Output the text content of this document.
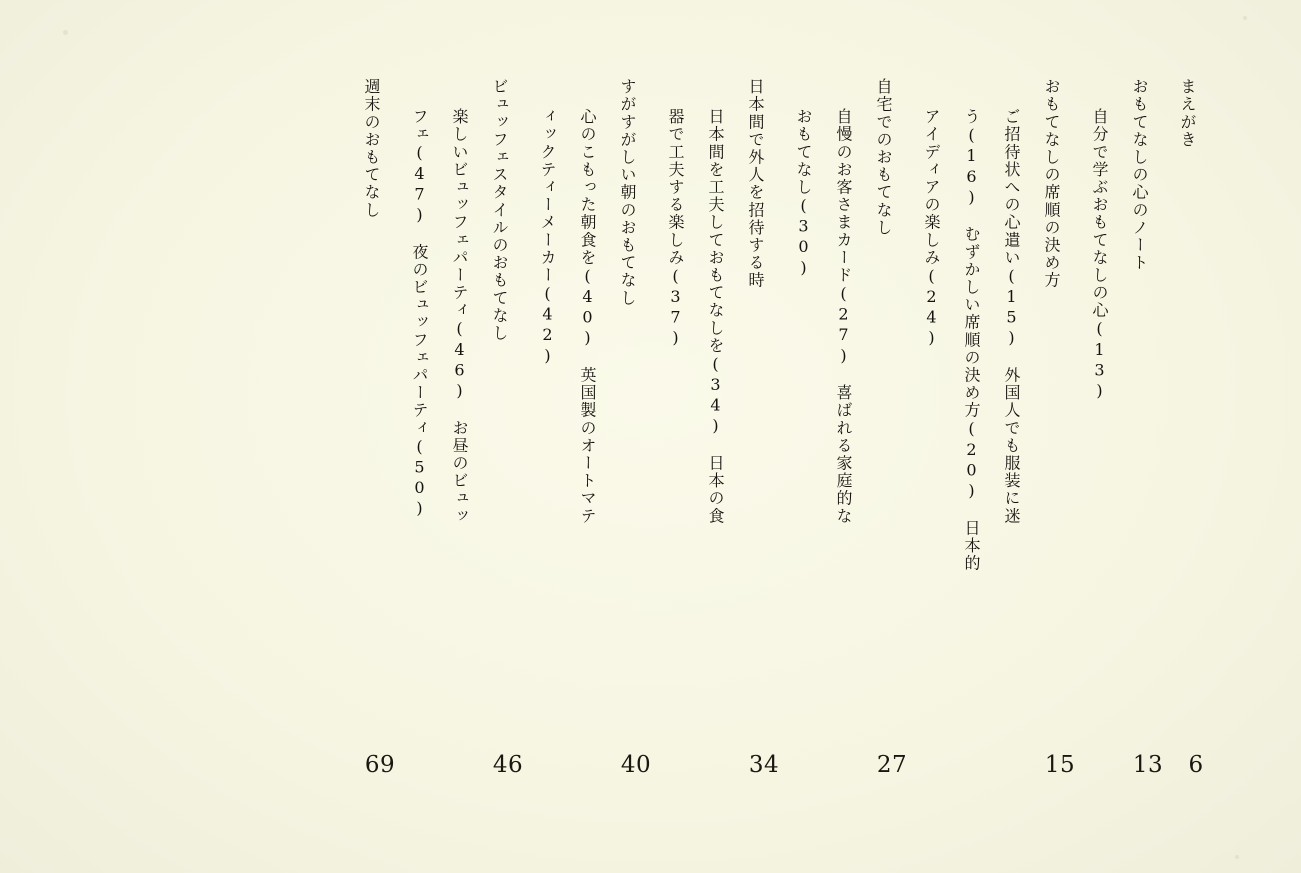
週末のおもてなし
69
フェ(47)　夜のビュッフェパーティ(50) 楽しいビュッフェパーティ(46)　お昼のビュッ ビュッフェスタイルのおもてなし
46
ィックティーメーカー(42) 心のこもった朝食を(40)　英国製のオートマテ すがすがしい朝のおもてなし
40
器で工夫する楽しみ(37) 日本間を工夫しておもてなしを(34)　日本の食 日本間で外人を招待する時
34
おもてなし(30) 自慢のお客さまカード(27)　喜ばれる家庭的な 自宅でのおもてなし
27
アイディアの楽しみ(24) う(16)　むずかしい席順の決め方(20)　日本的 ご招待状への心遣い(15)　外国人でも服装に迷 おもてなしの席順の決め方
15
自分で学ぶおもてなしの心(13) おもてなしの心のノート
13
まえがき
6
